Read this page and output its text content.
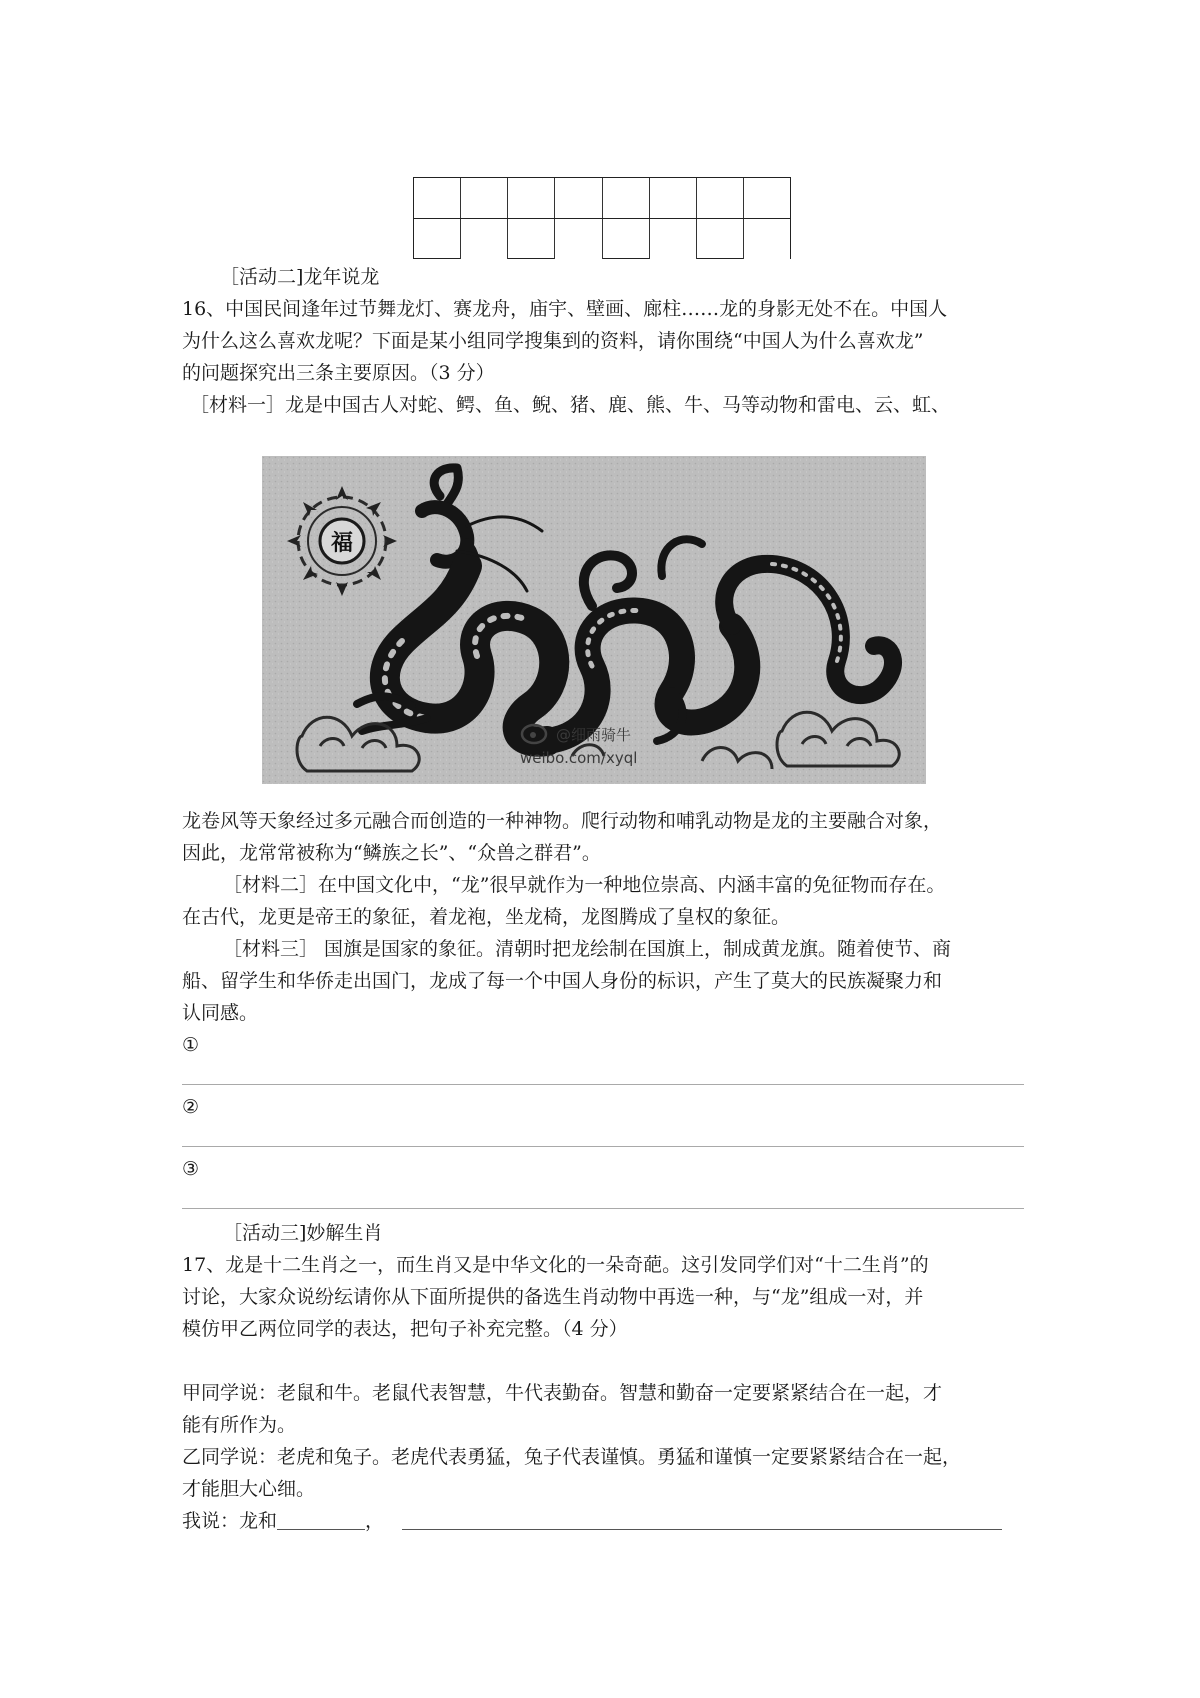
［活动二]龙年说龙
16、中国民间逢年过节舞龙灯、赛龙舟，庙宇、壁画、廊柱……龙的身影无处不在。中国人
为什么这么喜欢龙呢？下面是某小组同学搜集到的资料，请你围绕“中国人为什么喜欢龙”
的问题探究出三条主要原因。（3 分）
［材料一］龙是中国古人对蛇、鳄、鱼、鲵、猪、鹿、熊、牛、马等动物和雷电、云、虹、
福
@细雨骑牛
weibo.com/xyql
龙卷风等天象经过多元融合而创造的一种神物。爬行动物和哺乳动物是龙的主要融合对象，
因此，龙常常被称为“鳞族之长”、“众兽之群君”。
［材料二］在中国文化中，“龙”很早就作为一种地位崇高、内涵丰富的免征物而存在。
在古代，龙更是帝王的象征，着龙袍，坐龙椅，龙图腾成了皇权的象征。
［材料三］ 国旗是国家的象征。清朝时把龙绘制在国旗上，制成黄龙旗。随着使节、商
船、留学生和华侨走出国门，龙成了每一个中国人身份的标识，产生了莫大的民族凝聚力和
认同感。
①
②
③
［活动三]妙解生肖
17、龙是十二生肖之一，而生肖又是中华文化的一朵奇葩。这引发同学们对“十二生肖”的
讨论，大家众说纷纭请你从下面所提供的备选生肖动物中再选一种，与“龙”组成一对，并
模仿甲乙两位同学的表达，把句子补充完整。（4 分）
甲同学说：老鼠和牛。老鼠代表智慧，牛代表勤奋。智慧和勤奋一定要紧紧结合在一起，才
能有所作为。
乙同学说：老虎和兔子。老虎代表勇猛，兔子代表谨慎。勇猛和谨慎一定要紧紧结合在一起，
才能胆大心细。
我说：龙和	，
